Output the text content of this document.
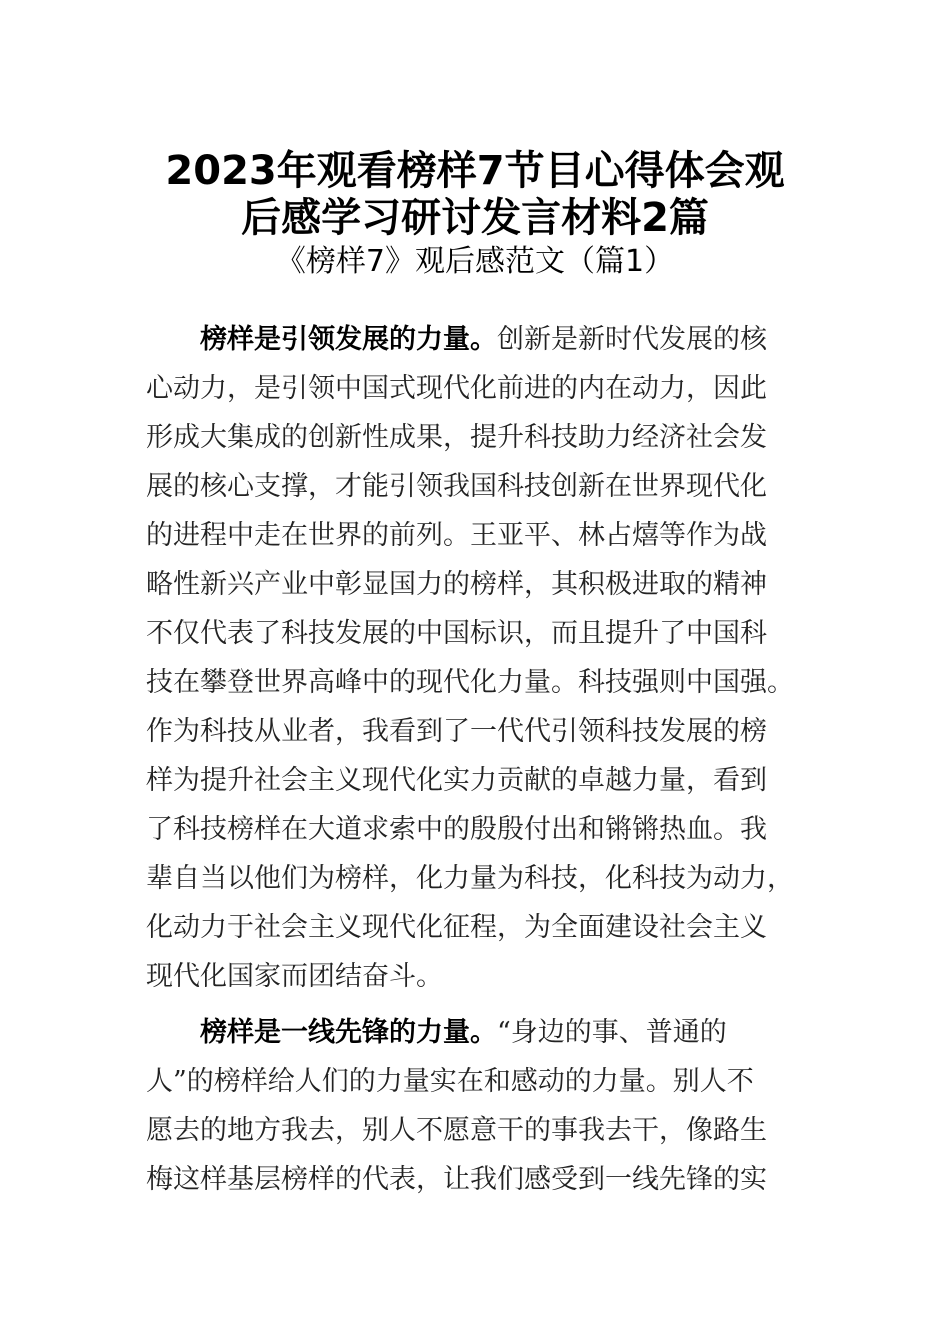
2023年观看榜样7节目心得体会观
后感学习研讨发言材料2篇
《榜样7》观后感范文（篇1）
榜样是引领发展的力量。创新是新时代发展的核
心动力，是引领中国式现代化前进的内在动力，因此
形成大集成的创新性成果，提升科技助力经济社会发
展的核心支撑，才能引领我国科技创新在世界现代化
的进程中走在世界的前列。王亚平、林占熺等作为战
略性新兴产业中彰显国力的榜样，其积极进取的精神
不仅代表了科技发展的中国标识，而且提升了中国科
技在攀登世界高峰中的现代化力量。科技强则中国强。
作为科技从业者，我看到了一代代引领科技发展的榜
样为提升社会主义现代化实力贡献的卓越力量，看到
了科技榜样在大道求索中的殷殷付出和锵锵热血。我
辈自当以他们为榜样，化力量为科技，化科技为动力，
化动力于社会主义现代化征程，为全面建设社会主义
现代化国家而团结奋斗。
榜样是一线先锋的力量。“身边的事、普通的
人”的榜样给人们的力量实在和感动的力量。别人不
愿去的地方我去，别人不愿意干的事我去干，像路生
梅这样基层榜样的代表，让我们感受到一线先锋的实
